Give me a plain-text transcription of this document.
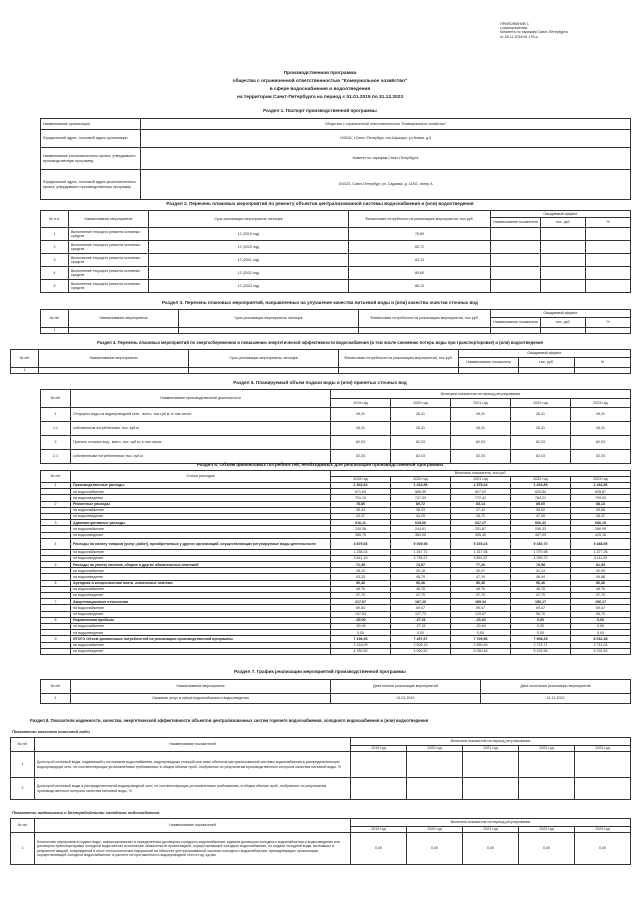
ПРИЛОЖЕНИЕ 1
к распоряжению
Комитета по тарифам Санкт-Петербурга
от 25.12.2018 № 176-р
Производственная программа
общества с ограниченной ответственностью "Коммунальное хозяйство"
в сфере водоснабжения и водоотведения
на территории Санкт-Петербурга на период с 01.01.2019 по 31.12.2023
Раздел 1. Паспорт производственной программы
Наименование организации	Общество с ограниченной ответственностью "Коммунальное хозяйство"
Юридический адрес, почтовый адрес организации	190041, г.Санкт-Петербург, пос.Шушары, ул.Новая, д.5
Наименование уполномоченного органа, утвердившего производственную программу	Комитет по тарифам Санкт-Петербурга
Юридический адрес, почтовый адрес уполномоченного органа, утвердившего производственную программу	191023, Санкт-Петербург, ул. Садовая, д. 14/52, литер А
Раздел 2. Перечень плановых мероприятий по ремонту объектов централизованной системы водоснабжения и (или) водоотведения
№ п.п.	Наименование мероприятия	Срок реализации мероприятия, месяцев	Финансовые потребности на реализацию мероприятия, тыс.руб.	Ожидаемый эффект		
				Наименование показателя	тыс. руб.	%
1	Выполнение текущего ремонта основных средств	12 (2019 год)	78,80			
2	Выполнение текущего ремонта основных средств	12 (2020 год)	80,72			
3	Выполнение текущего ремонта основных средств	12 (2021 год)	83,14			
4	Выполнение текущего ремонта основных средств	12 (2022 год)	85,60			
5	Выполнение текущего ремонта основных средств	12 (2023 год)	88,13			
Раздел 3. Перечень плановых мероприятий, направленных на улучшение качества питьевой воды и (или) качества очистки сточных вод
№ п/п	Наименование мероприятия	Срок реализации мероприятия, месяцев	Финансовые потребности на реализацию мероприятия, тыс.руб.	Ожидаемый эффект		
				Наименование показателя	тыс. руб.	%
1						
Раздел 4. Перечень плановых мероприятий по энергосбережению и повышению энергетической эффективности водоснабжения (в том числе снижению потерь воды при транспортировке) и (или) водоотведения
№ п/п	Наименование мероприятия	Срок реализации мероприятия, месяцев	Финансовые потребности на реализацию мероприятия, тыс.руб.	Ожидаемый эффект		
				Наименование показателя	тыс. руб.	%
1						
Раздел 5. Планируемый объем подачи воды и (или) принятых сточных вод
№ п/п	Наименование производственной деятельности	Величина показателя на период регулирования				
		2019 год	2020 год	2021 год	2022 год	2023 год
1	Отпущено воды из водопроводной сети - всего, тыс.куб.м, в том числе:	26,41	26,41	26,41	26,41	26,41
1.1	собственным потребителям, тыс. куб.м	26,41	26,41	26,41	26,41	26,41
2	Принято сточных вод - всего, тыс. куб.м, в том числе:	62,03	62,03	62,03	62,03	62,03
2.1	собственными потребителями, тыс. куб.м	62,03	62,03	62,03	62,03	62,03
Раздел 6. Объем финансовых потребностей, необходимых для реализации производственной программы
№ п/п	Статьи расходов	Величина показателя, тыс.руб.				
		2019 год	2020 год	2021 год	2022 год	2023 год
1	Производственные расходы	1 302,64	1 334,58	1 379,44	1 404,85	1 434,96
	на водоснабжение	571,54	586,59	607,02	620,64	635,87
	на водоотведение	731,10	747,99	772,42	784,21	799,09
2	Ремонтные расходы	78,80	80,72	83,14	85,60	88,13
	на водоснабжение	35,43	36,33	37,42	38,52	39,66
	на водоотведение	43,37	44,39	45,72	47,08	48,47
3	Административные расходы	616,11	628,66	647,27	666,42	686,15
	на водоснабжение	230,36	244,61	251,87	259,33	266,99
	на водоотведение	385,75	384,05	395,40	407,09	419,16
4	Расходы на оплату товаров (услуг, работ), приобретаемых у других организаций, осуществляющих регулируемые виды деятельности	4 879,53	5 005,98	5 169,23	5 430,70	5 488,55
	на водоснабжение	1 238,34	1 267,71	1 317,36	1 370,98	1 377,26
	на водоотведение	3 641,19	3 738,27	3 851,87	4 059,72	4 111,29
5	Расходы на уплату налогов, сборов и других обязательных платежей	71,35	74,97	77,26	79,58	81,93
	на водоснабжение	28,10	29,18	30,07	31,14	32,05
	на водоотведение	43,25	45,79	47,19	48,44	49,88
6	Арендная и концессионная плата, лизинговые платежи	96,46	96,46	96,46	96,46	96,46
	на водоснабжение	48,76	48,76	48,76	48,76	48,76
	на водоотведение	47,70	47,70	47,70	47,70	47,70
7	Амортизационные отчисления	217,67	187,20	189,34	156,17	156,17
	на водоснабжение	69,84	59,47	59,47	59,47	59,47
	на водоотведение	147,83	127,73	129,87	96,70	96,70
8	Нормативная прибыль	-50,00	-27,31	-20,40	0,00	0,00
	на водоснабжение	-50,00	-27,31	-20,40	0,00	0,00
	на водоотведение	0,00	0,00	0,00	0,00	0,00
9	ИТОГО Объем финансовых потребностей на реализацию производственной программы	7 196,93	7 497,67	7 709,96	7 908,29	8 032,48
	на водоснабжение	2 416,09	2 506,15	2 659,48	2 715,71	2 741,03
	на водоотведение	4 780,83	4 990,52	5 050,48	5 192,58	5 291,45
Раздел 7. График реализации мероприятий производственной программы
№ п/п	Наименование мероприятия	Дата начала реализации мероприятий	Дата окончания реализации мероприятий
1	Оказание услуг в сфере водоснабжения и водоотведения	01.01.2019	31.12.2023
Раздел 8. Показатели надежности, качества, энергетической эффективности объектов централизованных систем горячего водоснабжения, холодного водоснабжения и (или) водоотведения
Показатели качества питьевой воды
№ п/п	Наименование показателей	Величина показателя на период регулирования				
		2019 год	2020 год	2021 год	2022 год	2023 год
1	Доля проб питьевой воды, подаваемой с источников водоснабжения, водопроводных станций или иных объектов централизованной системы водоснабжения в распределительную водопроводную сеть, не соответствующих установленным требованиям, в общем объеме проб, отобранных по результатам производственного контроля качества питьевой воды, %					
2	Доля проб питьевой воды в распределительной водопроводной сети, не соответствующих установленным требованиям, в общем объеме проб, отобранных по результатам производственного контроля качества питьевой воды, %					
Показатели надежности и бесперебойности холодного водоснабжения
№ п/п	Наименование показателей	Величина показателя на период регулирования				
		2019 год	2020 год	2021 год	2022 год	2023 год
1	Количество перерывов в подаче воды, зафиксированных в определенных договором холодного водоснабжения, единым договором холодного водоснабжения и водоотведения или договором транспортировки холодной воды местах исполнения обязательств организацией, осуществляющей холодное водоснабжение, по подаче холодной воды, возникших в результате аварий, повреждений и иных технологических нарушений на объектах централизованной системы холодного водоснабжения, принадлежащих организации, осуществляющей холодное водоснабжение, в расчете на протяженность водопроводной сети в год, ед./км	0,00	0,00	0,00	0,00	0,00
